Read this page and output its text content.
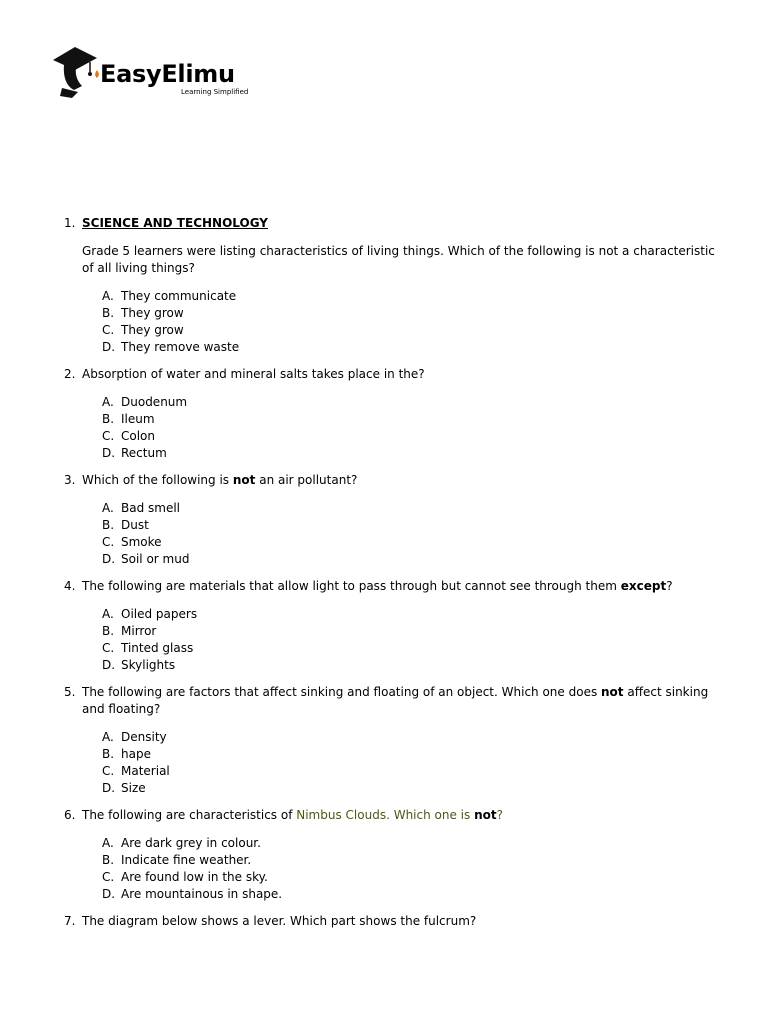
EasyElimu
Learning Simplified
1. SCIENCE AND TECHNOLOGY

Grade 5 learners were listing characteristics of living things. Which of the following is not a characteristic of all living things?

A. They communicate
B. They grow
C. They grow
D. They remove waste
2. Absorption of water and mineral salts takes place in the?

A. Duodenum
B. Ileum
C. Colon
D. Rectum
3. Which of the following is not an air pollutant?

A. Bad smell
B. Dust
C. Smoke
D. Soil or mud
4. The following are materials that allow light to pass through but cannot see through them except?

A. Oiled papers
B. Mirror
C. Tinted glass
D. Skylights
5. The following are factors that affect sinking and floating of an object. Which one does not affect sinking and floating?

A. Density
B. hape
C. Material
D. Size
6. The following are characteristics of Nimbus Clouds. Which one is not?

A. Are dark grey in colour.
B. Indicate fine weather.
C. Are found low in the sky.
D. Are mountainous in shape.
7. The diagram below shows a lever. Which part shows the fulcrum?
